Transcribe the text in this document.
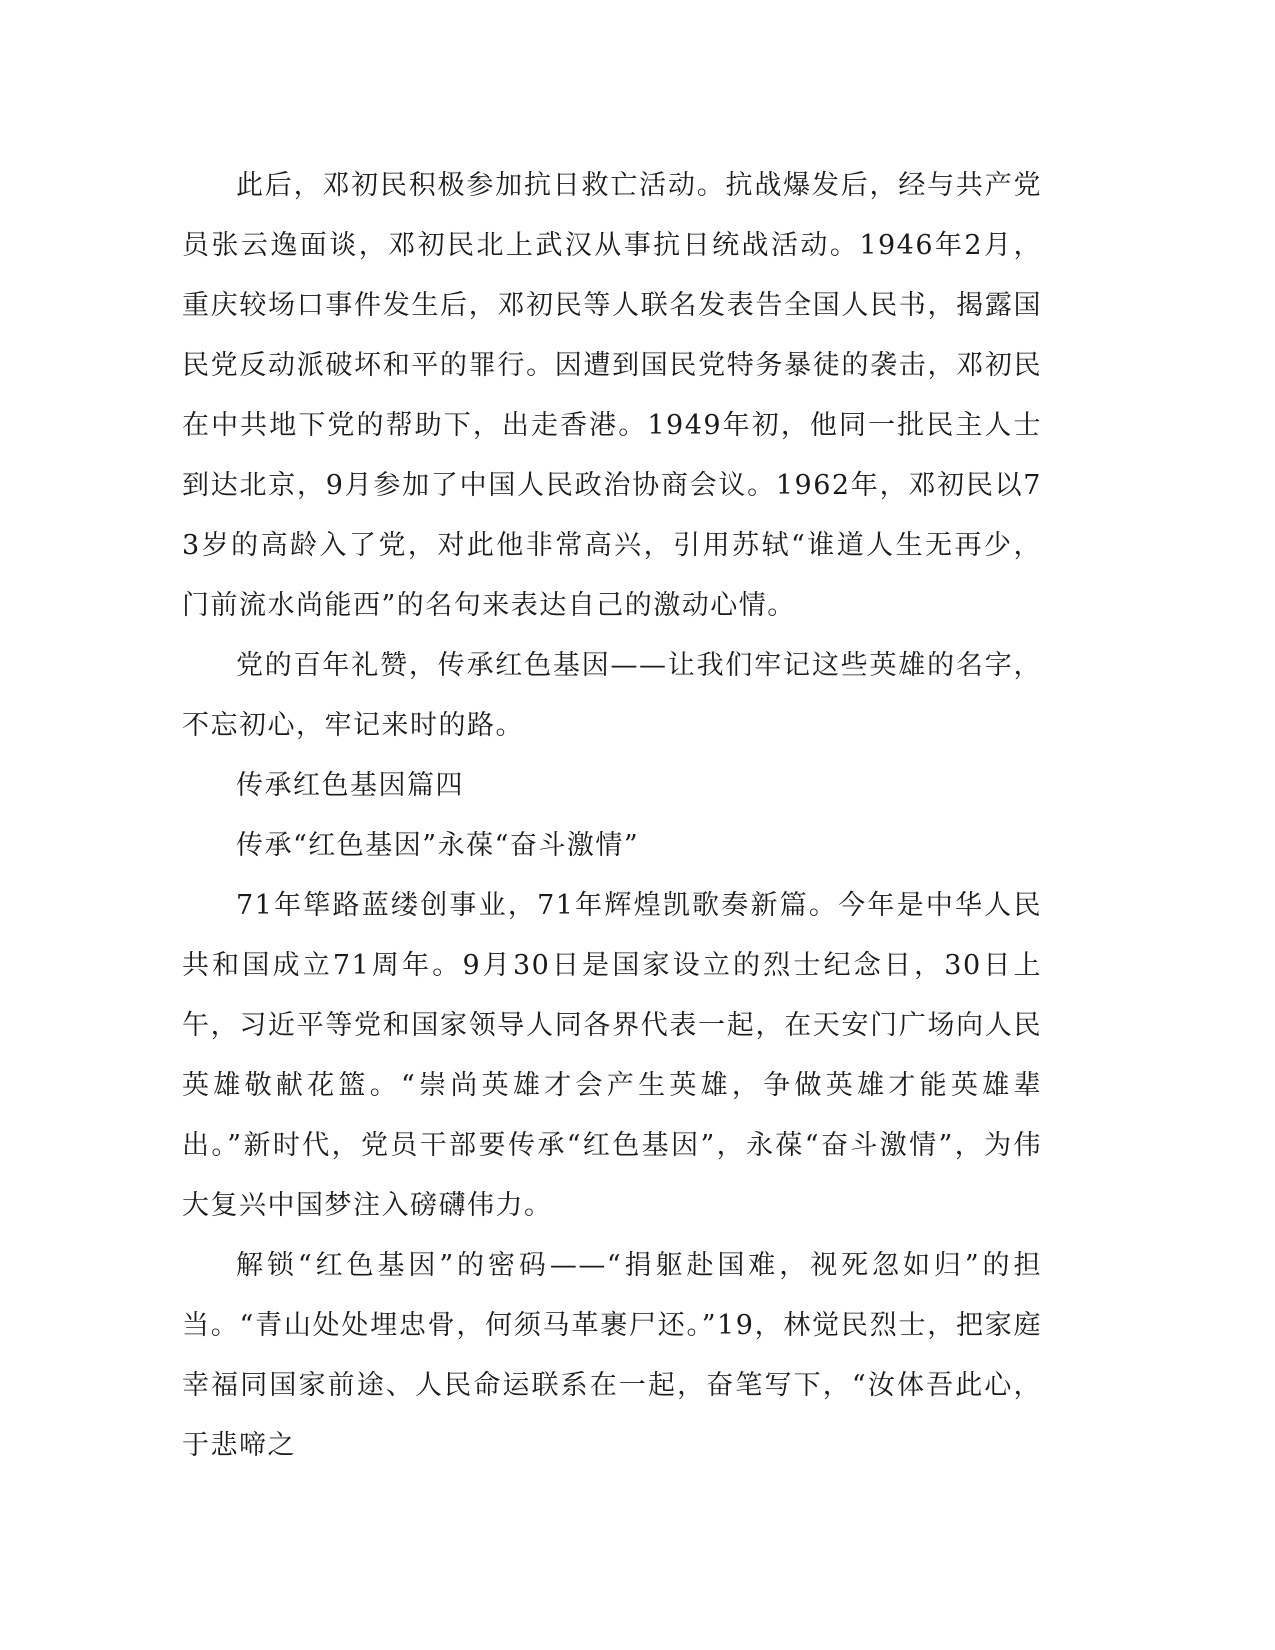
此后，邓初民积极参加抗日救亡活动。抗战爆发后，经与共产党员张云逸面谈，邓初民北上武汉从事抗日统战活动。1946年2月，重庆较场口事件发生后，邓初民等人联名发表告全国人民书，揭露国民党反动派破坏和平的罪行。因遭到国民党特务暴徒的袭击，邓初民在中共地下党的帮助下，出走香港。1949年初，他同一批民主人士到达北京，9月参加了中国人民政治协商会议。1962年，邓初民以73岁的高龄入了党，对此他非常高兴，引用苏轼“谁道人生无再少，门前流水尚能西”的名句来表达自己的激动心情。

党的百年礼赞，传承红色基因——让我们牢记这些英雄的名字，不忘初心，牢记来时的路。

传承红色基因篇四

传承“红色基因”永葆“奋斗激情”

71年筚路蓝缕创事业，71年辉煌凯歌奏新篇。今年是中华人民共和国成立71周年。9月30日是国家设立的烈士纪念日，30日上午，习近平等党和国家领导人同各界代表一起，在天安门广场向人民英雄敬献花篮。“崇尚英雄才会产生英雄，争做英雄才能英雄辈出。”新时代，党员干部要传承“红色基因”，永葆“奋斗激情”，为伟大复兴中国梦注入磅礴伟力。

解锁“红色基因”的密码——“捐躯赴国难，视死忽如归”的担当。“青山处处埋忠骨，何须马革裹尸还。”19，林觉民烈士，把家庭幸福同国家前途、人民命运联系在一起，奋笔写下，“汝体吾此心，于悲啼之
